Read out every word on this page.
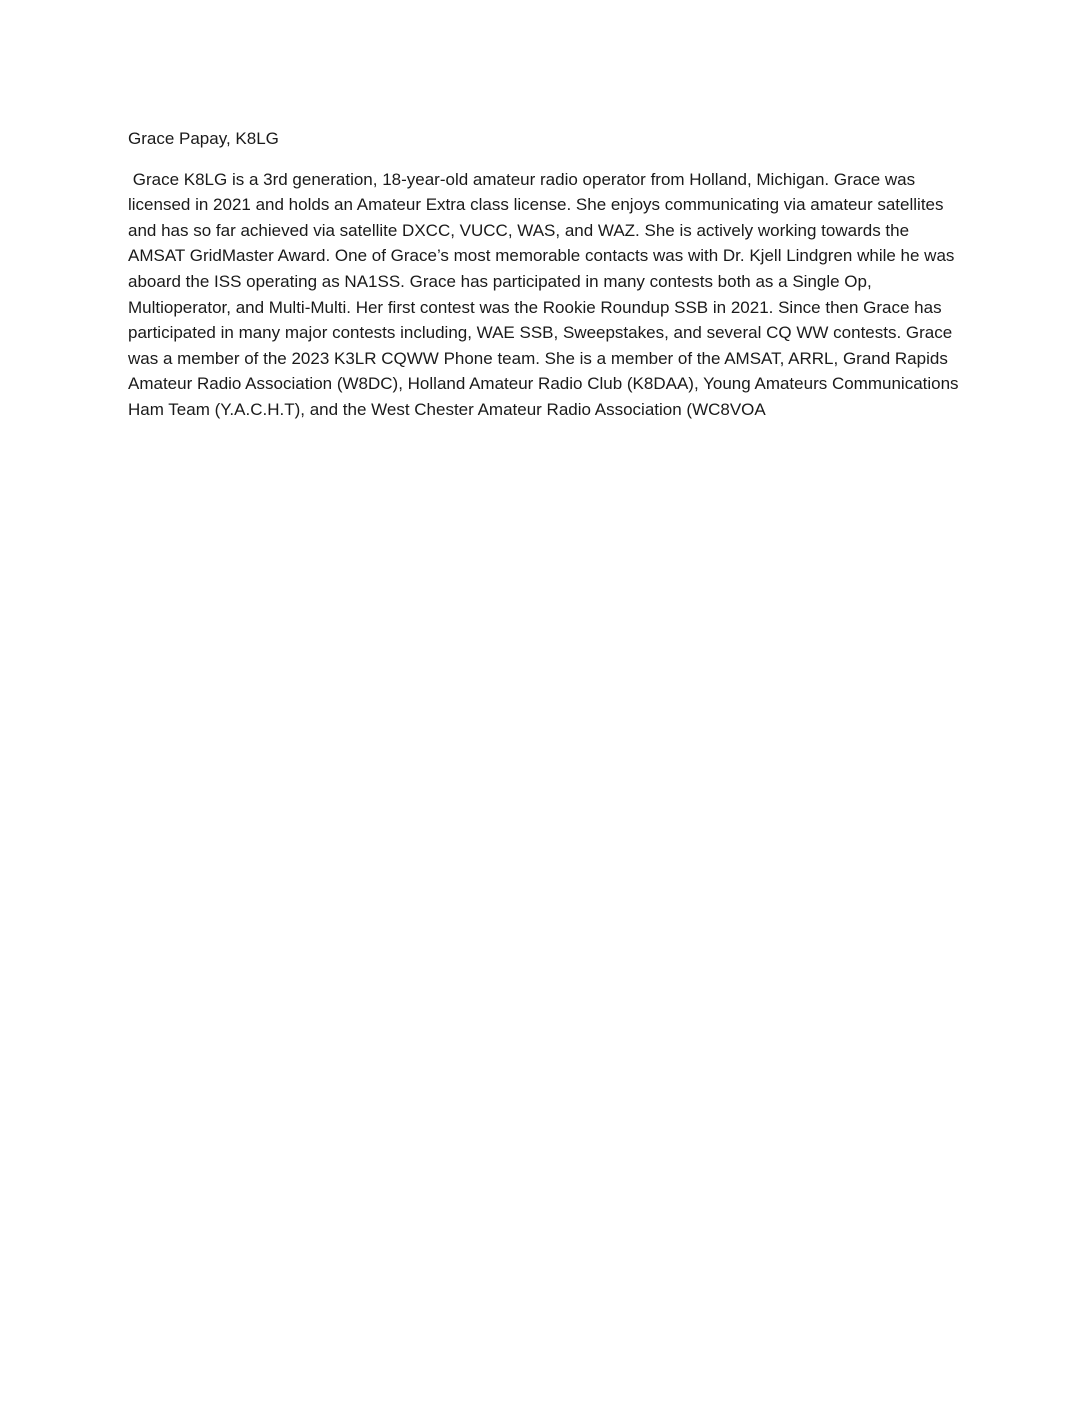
Grace Papay, K8LG

Grace K8LG is a 3rd generation, 18-year-old amateur radio operator from Holland, Michigan. Grace was licensed in 2021 and holds an Amateur Extra class license. She enjoys communicating via amateur satellites and has so far achieved via satellite DXCC, VUCC, WAS, and WAZ. She is actively working towards the AMSAT GridMaster Award. One of Grace’s most memorable contacts was with Dr. Kjell Lindgren while he was aboard the ISS operating as NA1SS. Grace has participated in many contests both as a Single Op, Multioperator, and Multi-Multi. Her first contest was the Rookie Roundup SSB in 2021. Since then Grace has participated in many major contests including, WAE SSB, Sweepstakes, and several CQ WW contests. Grace was a member of the 2023 K3LR CQWW Phone team. She is a member of the AMSAT, ARRL, Grand Rapids Amateur Radio Association (W8DC), Holland Amateur Radio Club (K8DAA), Young Amateurs Communications Ham Team (Y.A.C.H.T), and the West Chester Amateur Radio Association (WC8VOA
